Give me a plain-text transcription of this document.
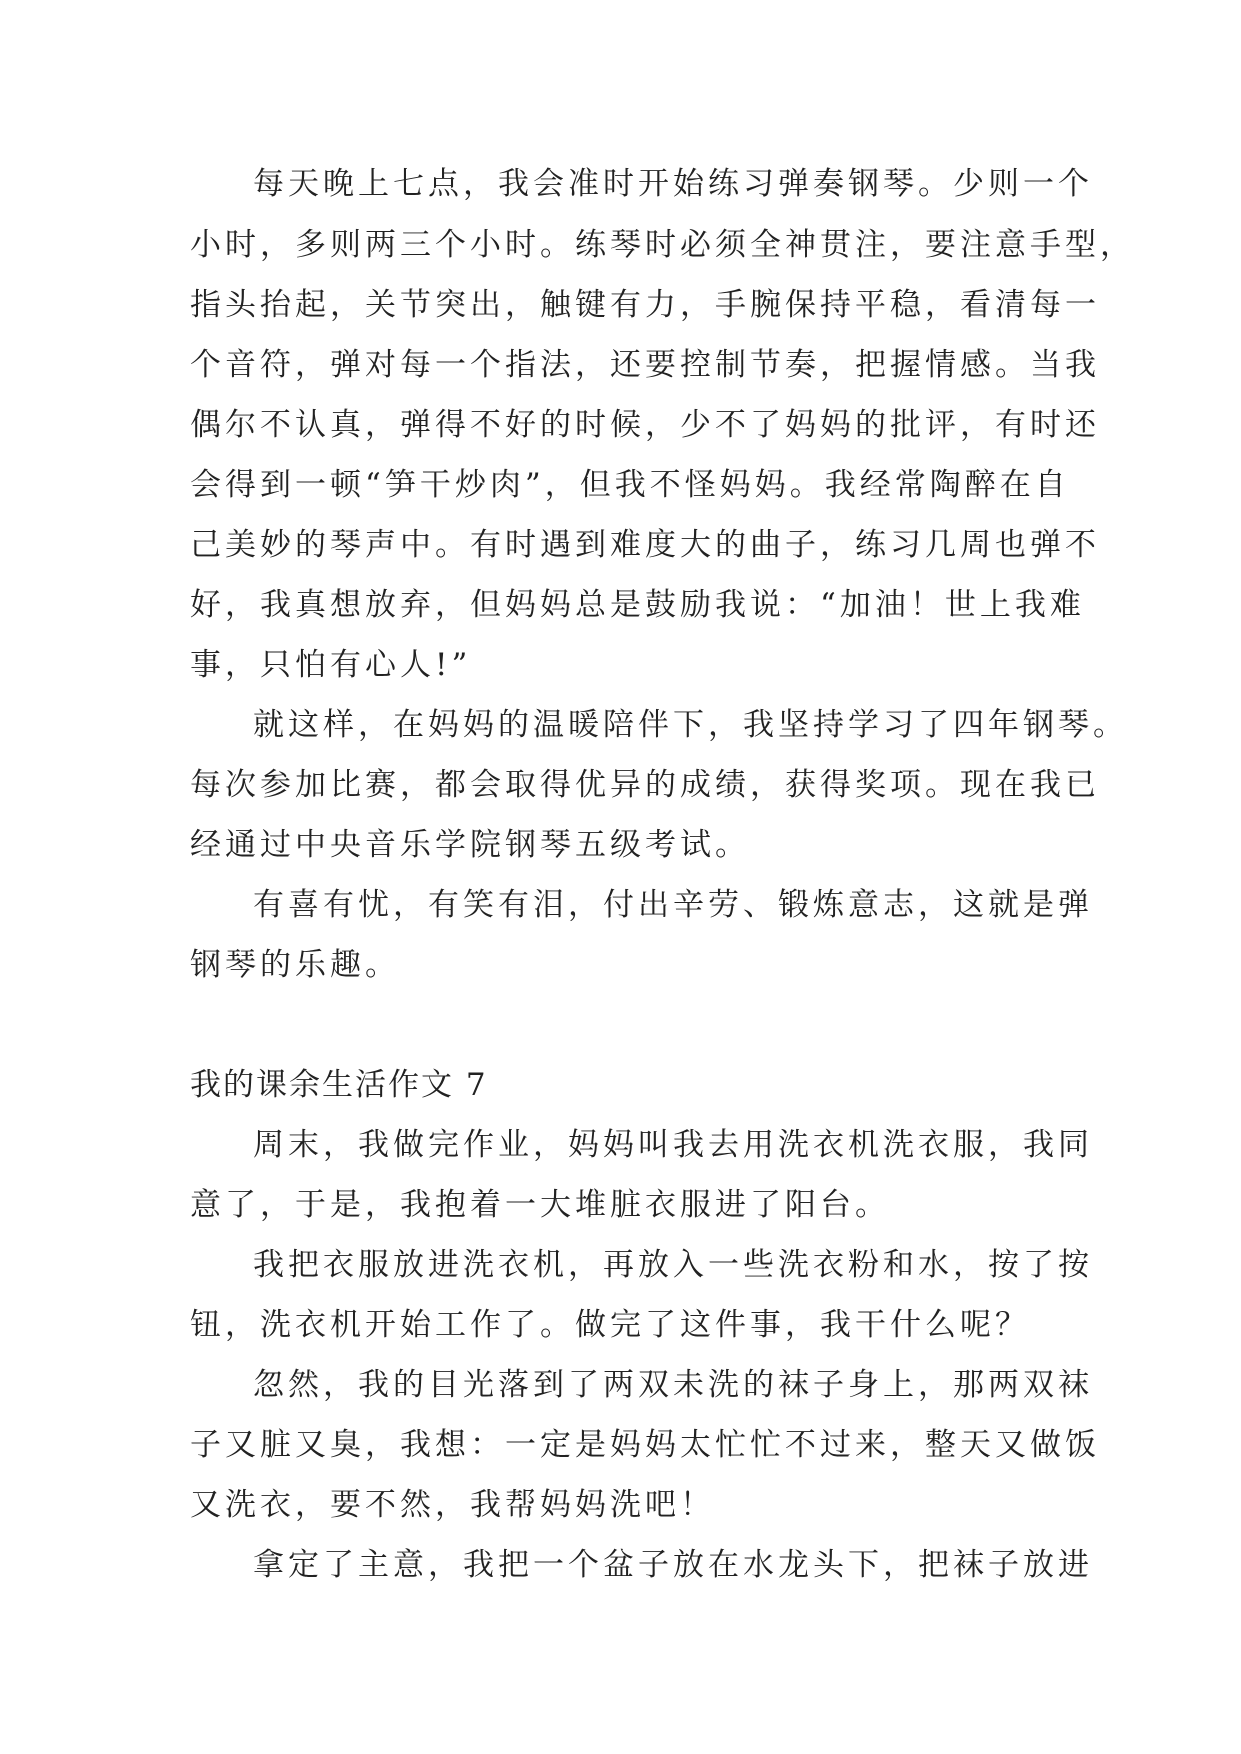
每天晚上七点，我会准时开始练习弹奏钢琴。少则一个
小时，多则两三个小时。练琴时必须全神贯注，要注意手型，
指头抬起，关节突出，触键有力，手腕保持平稳，看清每一
个音符，弹对每一个指法，还要控制节奏，把握情感。当我
偶尔不认真，弹得不好的时候，少不了妈妈的批评，有时还
会得到一顿“笋干炒肉”，但我不怪妈妈。我经常陶醉在自
己美妙的琴声中。有时遇到难度大的曲子，练习几周也弹不
好，我真想放弃，但妈妈总是鼓励我说：“加油！世上我难
事，只怕有心人!”
就这样，在妈妈的温暖陪伴下，我坚持学习了四年钢琴。
每次参加比赛，都会取得优异的成绩，获得奖项。现在我已
经通过中央音乐学院钢琴五级考试。
有喜有忧，有笑有泪，付出辛劳、锻炼意志，这就是弹
钢琴的乐趣。
我的课余生活作文 7
周末，我做完作业，妈妈叫我去用洗衣机洗衣服，我同
意了，于是，我抱着一大堆脏衣服进了阳台。
我把衣服放进洗衣机，再放入一些洗衣粉和水，按了按
钮，洗衣机开始工作了。做完了这件事，我干什么呢？
忽然，我的目光落到了两双未洗的袜子身上，那两双袜
子又脏又臭，我想：一定是妈妈太忙忙不过来，整天又做饭
又洗衣，要不然，我帮妈妈洗吧！
拿定了主意，我把一个盆子放在水龙头下，把袜子放进
